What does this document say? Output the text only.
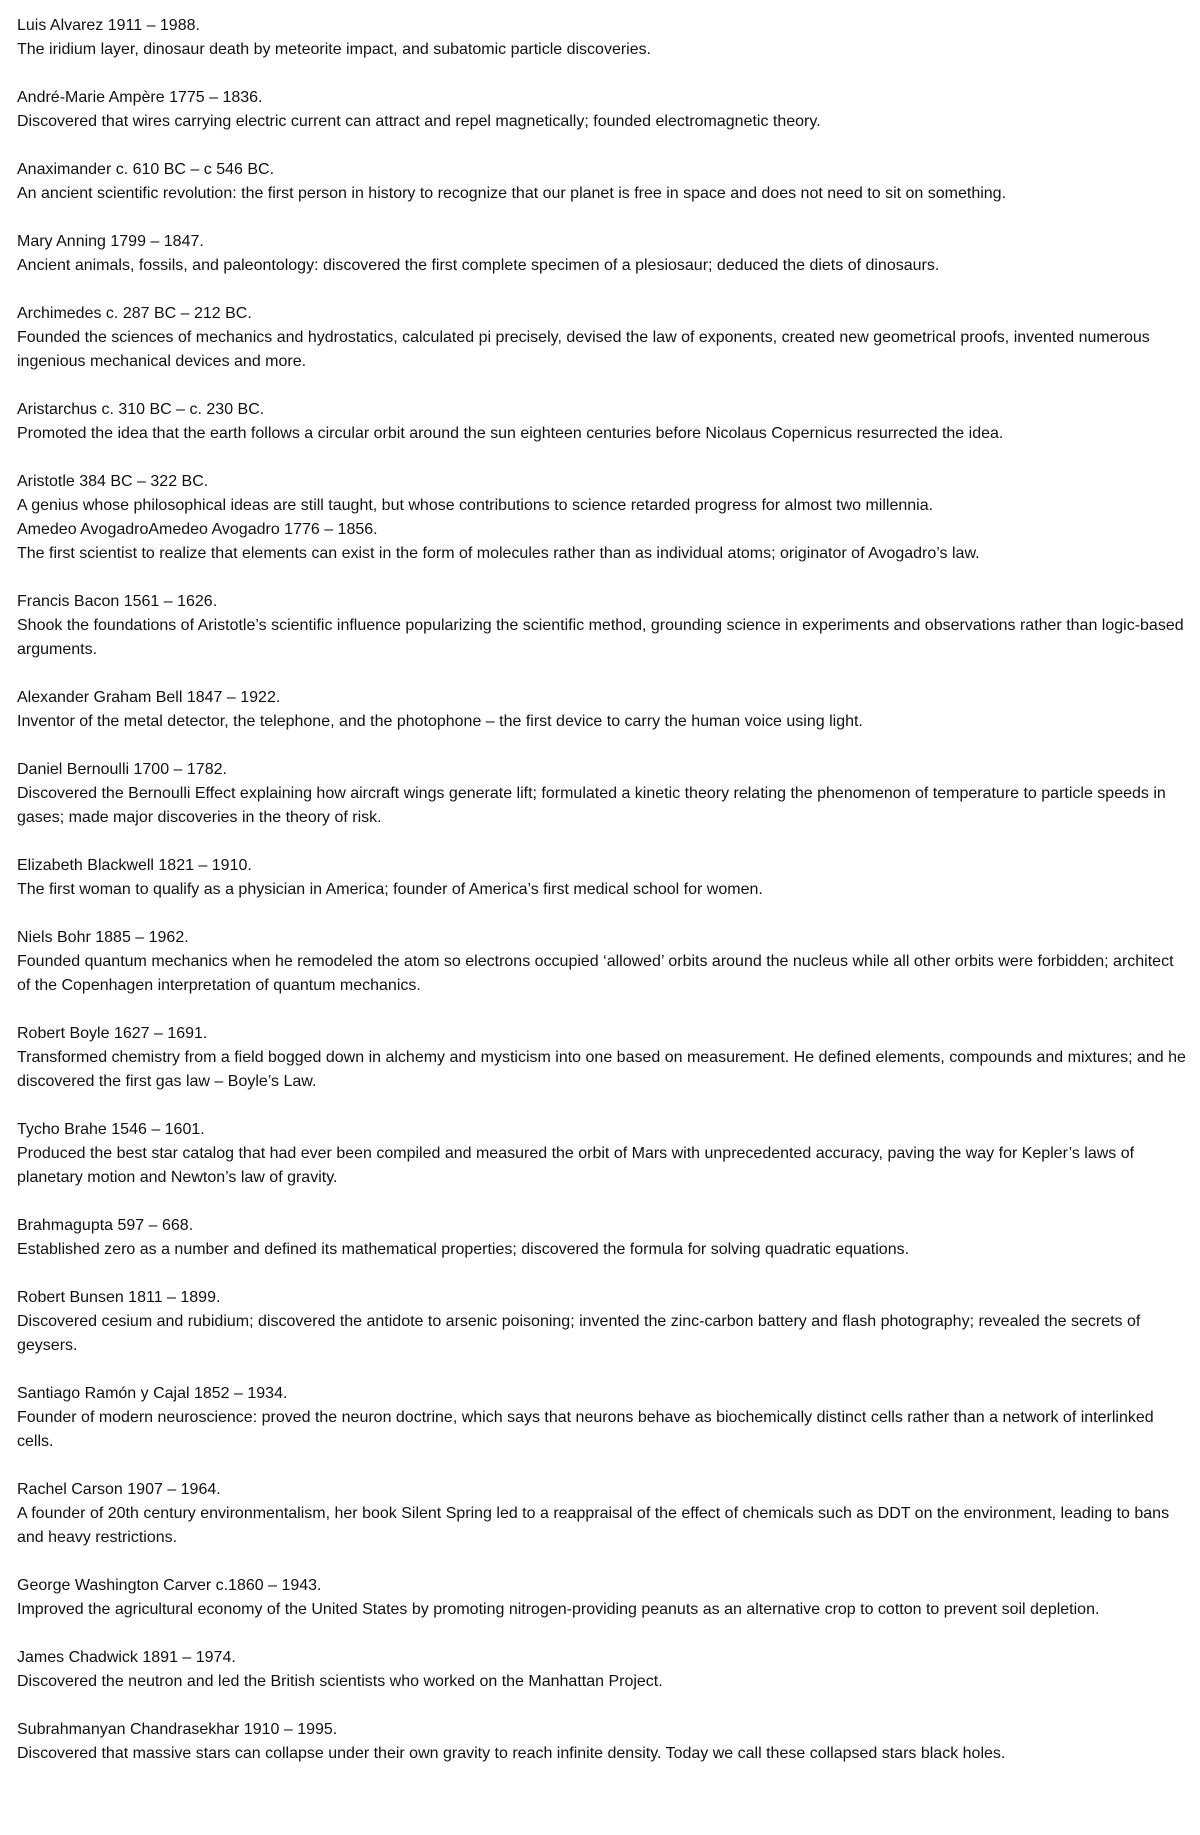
Luis Alvarez 1911 – 1988.

The iridium layer, dinosaur death by meteorite impact, and subatomic particle discoveries.

André-Marie Ampère 1775 – 1836.

Discovered that wires carrying electric current can attract and repel magnetically; founded electromagnetic theory.

Anaximander c. 610 BC – c 546 BC.

An ancient scientific revolution: the first person in history to recognize that our planet is free in space and does not need to sit on something.

Mary Anning 1799 – 1847.

Ancient animals, fossils, and paleontology: discovered the first complete specimen of a plesiosaur; deduced the diets of dinosaurs.

Archimedes c. 287 BC – 212 BC.

Founded the sciences of mechanics and hydrostatics, calculated pi precisely, devised the law of exponents, created new geometrical proofs, invented numerous ingenious mechanical devices and more.

Aristarchus c. 310 BC – c. 230 BC.

Promoted the idea that the earth follows a circular orbit around the sun eighteen centuries before Nicolaus Copernicus resurrected the idea.

Aristotle 384 BC – 322 BC.

A genius whose philosophical ideas are still taught, but whose contributions to science retarded progress for almost two millennia.

Amedeo AvogadroAmedeo Avogadro 1776 – 1856.

The first scientist to realize that elements can exist in the form of molecules rather than as individual atoms; originator of Avogadro’s law.

Francis Bacon 1561 – 1626.

Shook the foundations of Aristotle’s scientific influence popularizing the scientific method, grounding science in experiments and observations rather than logic-based arguments.

Alexander Graham Bell 1847 – 1922.

Inventor of the metal detector, the telephone, and the photophone – the first device to carry the human voice using light.

Daniel Bernoulli 1700 – 1782.

Discovered the Bernoulli Effect explaining how aircraft wings generate lift; formulated a kinetic theory relating the phenomenon of temperature to particle speeds in gases; made major discoveries in the theory of risk.

Elizabeth Blackwell 1821 – 1910.

The first woman to qualify as a physician in America; founder of America’s first medical school for women.

Niels Bohr 1885 – 1962.

Founded quantum mechanics when he remodeled the atom so electrons occupied ‘allowed’ orbits around the nucleus while all other orbits were forbidden; architect of the Copenhagen interpretation of quantum mechanics.

Robert Boyle 1627 – 1691.

Transformed chemistry from a field bogged down in alchemy and mysticism into one based on measurement. He defined elements, compounds and mixtures; and he discovered the first gas law – Boyle’s Law.

Tycho Brahe 1546 – 1601.

Produced the best star catalog that had ever been compiled and measured the orbit of Mars with unprecedented accuracy, paving the way for Kepler’s laws of planetary motion and Newton’s law of gravity.

Brahmagupta 597 – 668.

Established zero as a number and defined its mathematical properties; discovered the formula for solving quadratic equations.

Robert Bunsen 1811 – 1899.

Discovered cesium and rubidium; discovered the antidote to arsenic poisoning; invented the zinc-carbon battery and flash photography; revealed the secrets of geysers.

Santiago Ramón y Cajal 1852 – 1934.

Founder of modern neuroscience: proved the neuron doctrine, which says that neurons behave as biochemically distinct cells rather than a network of interlinked cells.

Rachel Carson 1907 – 1964.

A founder of 20th century environmentalism, her book Silent Spring led to a reappraisal of the effect of chemicals such as DDT on the environment, leading to bans and heavy restrictions.

George Washington Carver c.1860 – 1943.

Improved the agricultural economy of the United States by promoting nitrogen-providing peanuts as an alternative crop to cotton to prevent soil depletion.

James Chadwick 1891 – 1974.

Discovered the neutron and led the British scientists who worked on the Manhattan Project.

Subrahmanyan Chandrasekhar 1910 – 1995.

Discovered that massive stars can collapse under their own gravity to reach infinite density. Today we call these collapsed stars black holes.
